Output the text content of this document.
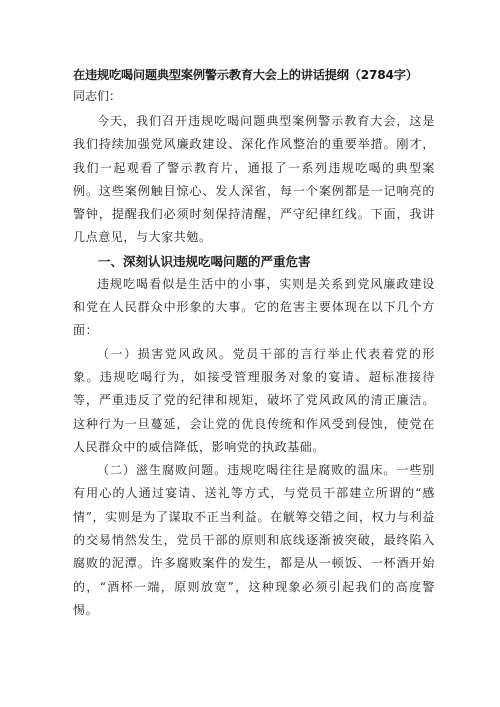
在违规吃喝问题典型案例警示教育大会上的讲话提纲（2784字）

同志们：

今天，我们召开违规吃喝问题典型案例警示教育大会，这是我们持续加强党风廉政建设、深化作风整治的重要举措。刚才，我们一起观看了警示教育片，通报了一系列违规吃喝的典型案例。这些案例触目惊心、发人深省，每一个案例都是一记响亮的警钟，提醒我们必须时刻保持清醒，严守纪律红线。下面，我讲几点意见，与大家共勉。

一、深刻认识违规吃喝问题的严重危害

违规吃喝看似是生活中的小事，实则是关系到党风廉政建设和党在人民群众中形象的大事。它的危害主要体现在以下几个方面：

（一）损害党风政风。党员干部的言行举止代表着党的形象。违规吃喝行为，如接受管理服务对象的宴请、超标准接待等，严重违反了党的纪律和规矩，破坏了党风政风的清正廉洁。这种行为一旦蔓延，会让党的优良传统和作风受到侵蚀，使党在人民群众中的威信降低，影响党的执政基础。

（二）滋生腐败问题。违规吃喝往往是腐败的温床。一些别有用心的人通过宴请、送礼等方式，与党员干部建立所谓的“感情”，实则是为了谋取不正当利益。在觥筹交错之间，权力与利益的交易悄然发生，党员干部的原则和底线逐渐被突破，最终陷入腐败的泥潭。许多腐败案件的发生，都是从一顿饭、一杯酒开始的，“酒杯一端，原则放宽”，这种现象必须引起我们的高度警惕。
